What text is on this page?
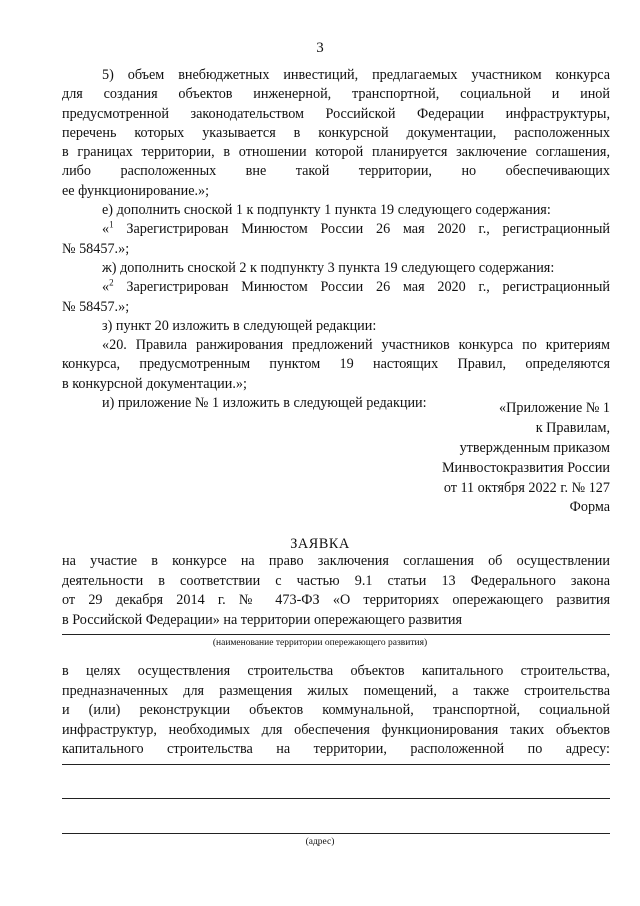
3

5) объем внебюджетных инвестиций, предлагаемых участником конкурса

для создания объектов инженерной, транспортной, социальной и иной

предусмотренной законодательством Российской Федерации инфраструктуры,

перечень которых указывается в конкурсной документации, расположенных

в границах территории, в отношении которой планируется заключение соглашения,

либо расположенных вне такой территории, но обеспечивающих

ее функционирование.»;

е) дополнить сноской 1 к подпункту 1 пункта 19 следующего содержания:

«$^1$ Зарегистрирован Минюстом России 26 мая 2020 г., регистрационный

№ 58457.»;

ж) дополнить сноской 2 к подпункту 3 пункта 19 следующего содержания:

«$^2$ Зарегистрирован Минюстом России 26 мая 2020 г., регистрационный

№ 58457.»;

з) пункт 20 изложить в следующей редакции:

«20. Правила ранжирования предложений участников конкурса по критериям

конкурса, предусмотренным пунктом 19 настоящих Правил, определяются

в конкурсной документации.»;

и) приложение № 1 изложить в следующей редакции:	«Приложение № 1
к Правилам,
утвержденным приказом
Минвостокразвития России
от 11 октября 2022 г. № 127
Форма
ЗАЯВКА

на участие в конкурсе на право заключения соглашения об осуществлении

деятельности в соответствии с частью 9.1 статьи 13 Федерального закона

от 29 декабря 2014 г. № 473-ФЗ «О территориях опережающего развития

в Российской Федерации» на территории опережающего развития

(наименование территории опережающего развития)

в целях осуществления строительства объектов капитального строительства,

предназначенных для размещения жилых помещений, а также строительства

и (или) реконструкции объектов коммунальной, транспортной, социальной

инфраструктур, необходимых для обеспечения функционирования таких объектов

капитального строительства на территории, расположенной по адресу:

(адрес)
